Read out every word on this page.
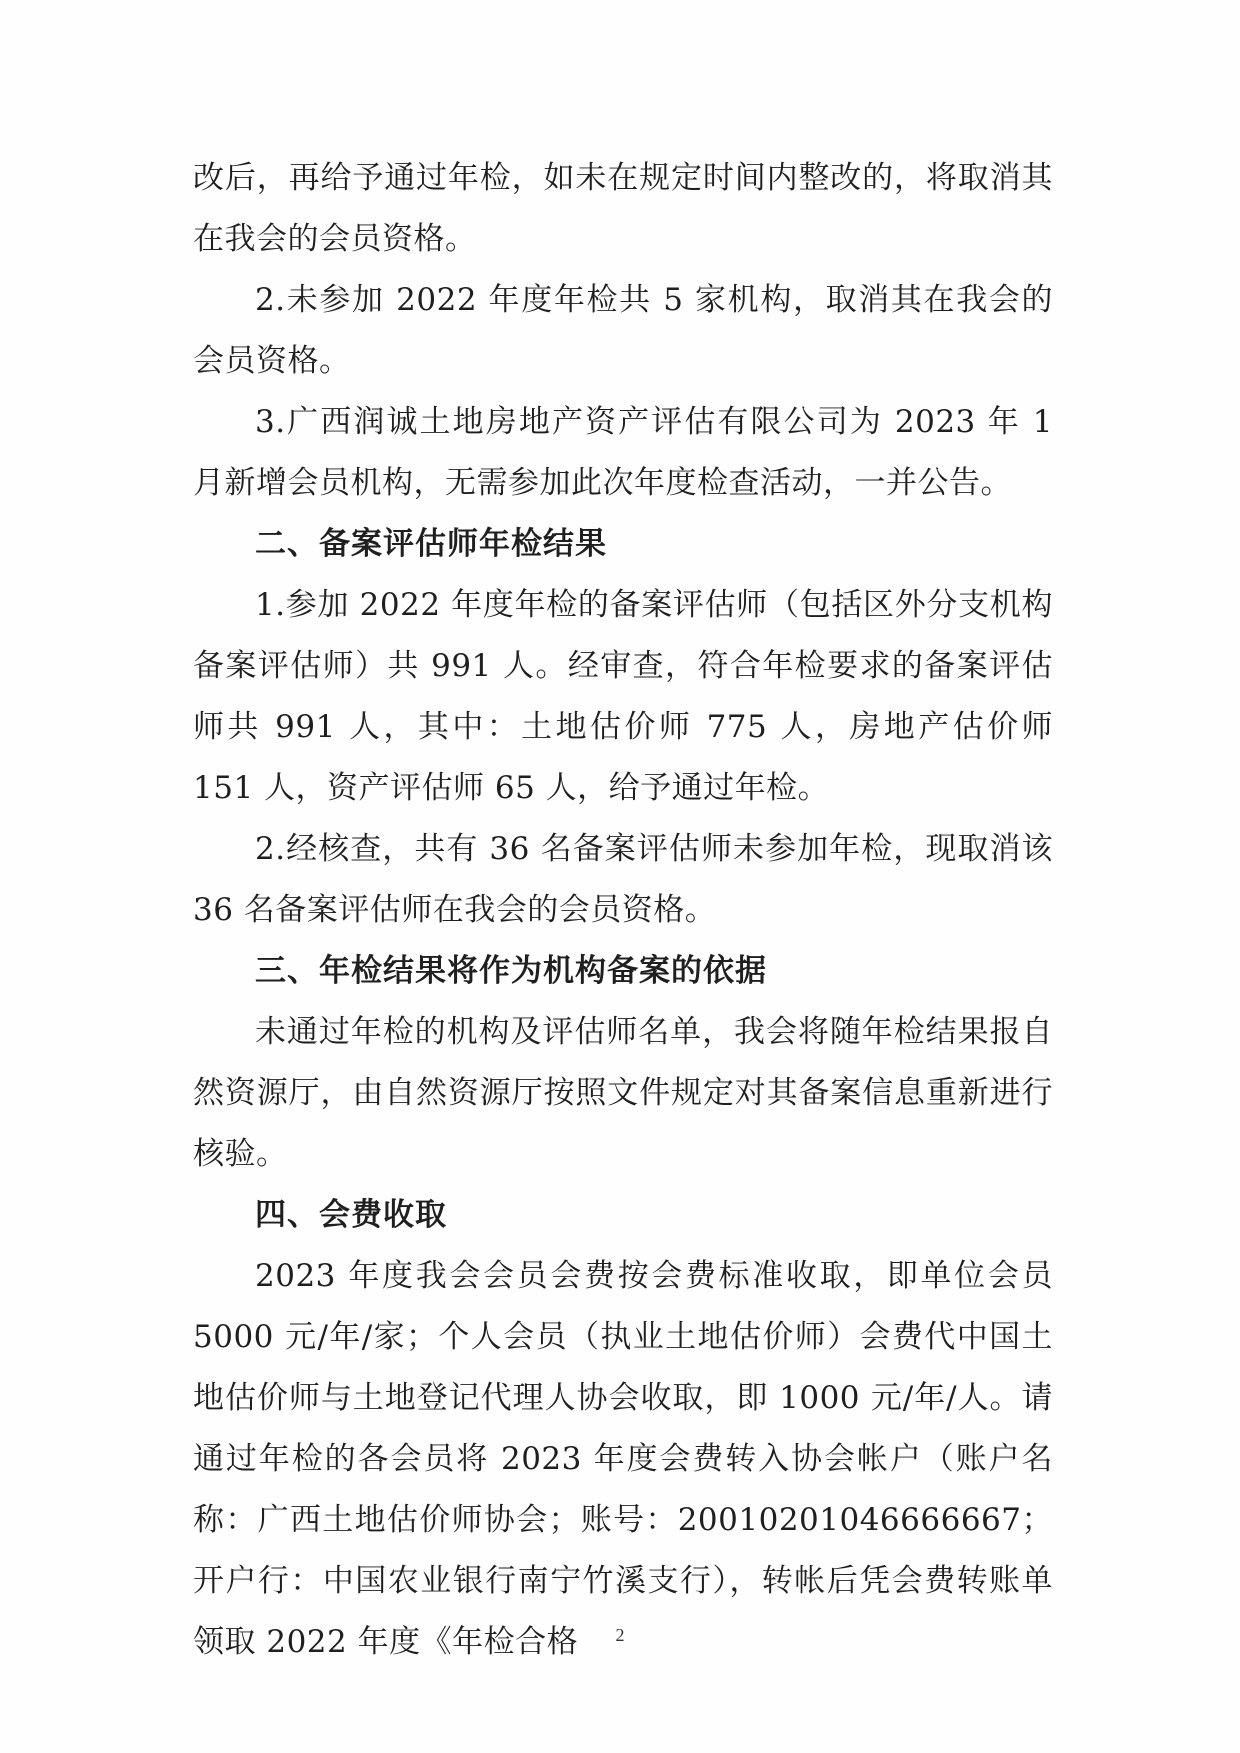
改后，再给予通过年检，如未在规定时间内整改的，将取消其在我会的会员资格。

2.未参加 2022 年度年检共 5 家机构，取消其在我会的会员资格。

3.广西润诚土地房地产资产评估有限公司为 2023 年 1 月新增会员机构，无需参加此次年度检查活动，一并公告。

二、备案评估师年检结果

1.参加 2022 年度年检的备案评估师（包括区外分支机构备案评估师）共 991 人。经审查，符合年检要求的备案评估师共 991 人，其中：土地估价师 775 人，房地产估价师 151 人，资产评估师 65 人，给予通过年检。

2.经核查，共有 36 名备案评估师未参加年检，现取消该 36 名备案评估师在我会的会员资格。

三、年检结果将作为机构备案的依据

未通过年检的机构及评估师名单，我会将随年检结果报自然资源厅，由自然资源厅按照文件规定对其备案信息重新进行核验。

四、会费收取

2023 年度我会会员会费按会费标准收取，即单位会员 5000 元/年/家；个人会员（执业土地估价师）会费代中国土地估价师与土地登记代理人协会收取，即 1000 元/年/人。请通过年检的各会员将 2023 年度会费转入协会帐户（账户名称：广西土地估价师协会；账号：20010201046666667；开户行：中国农业银行南宁竹溪支行），转帐后凭会费转账单领取 2022 年度《年检合格	2
